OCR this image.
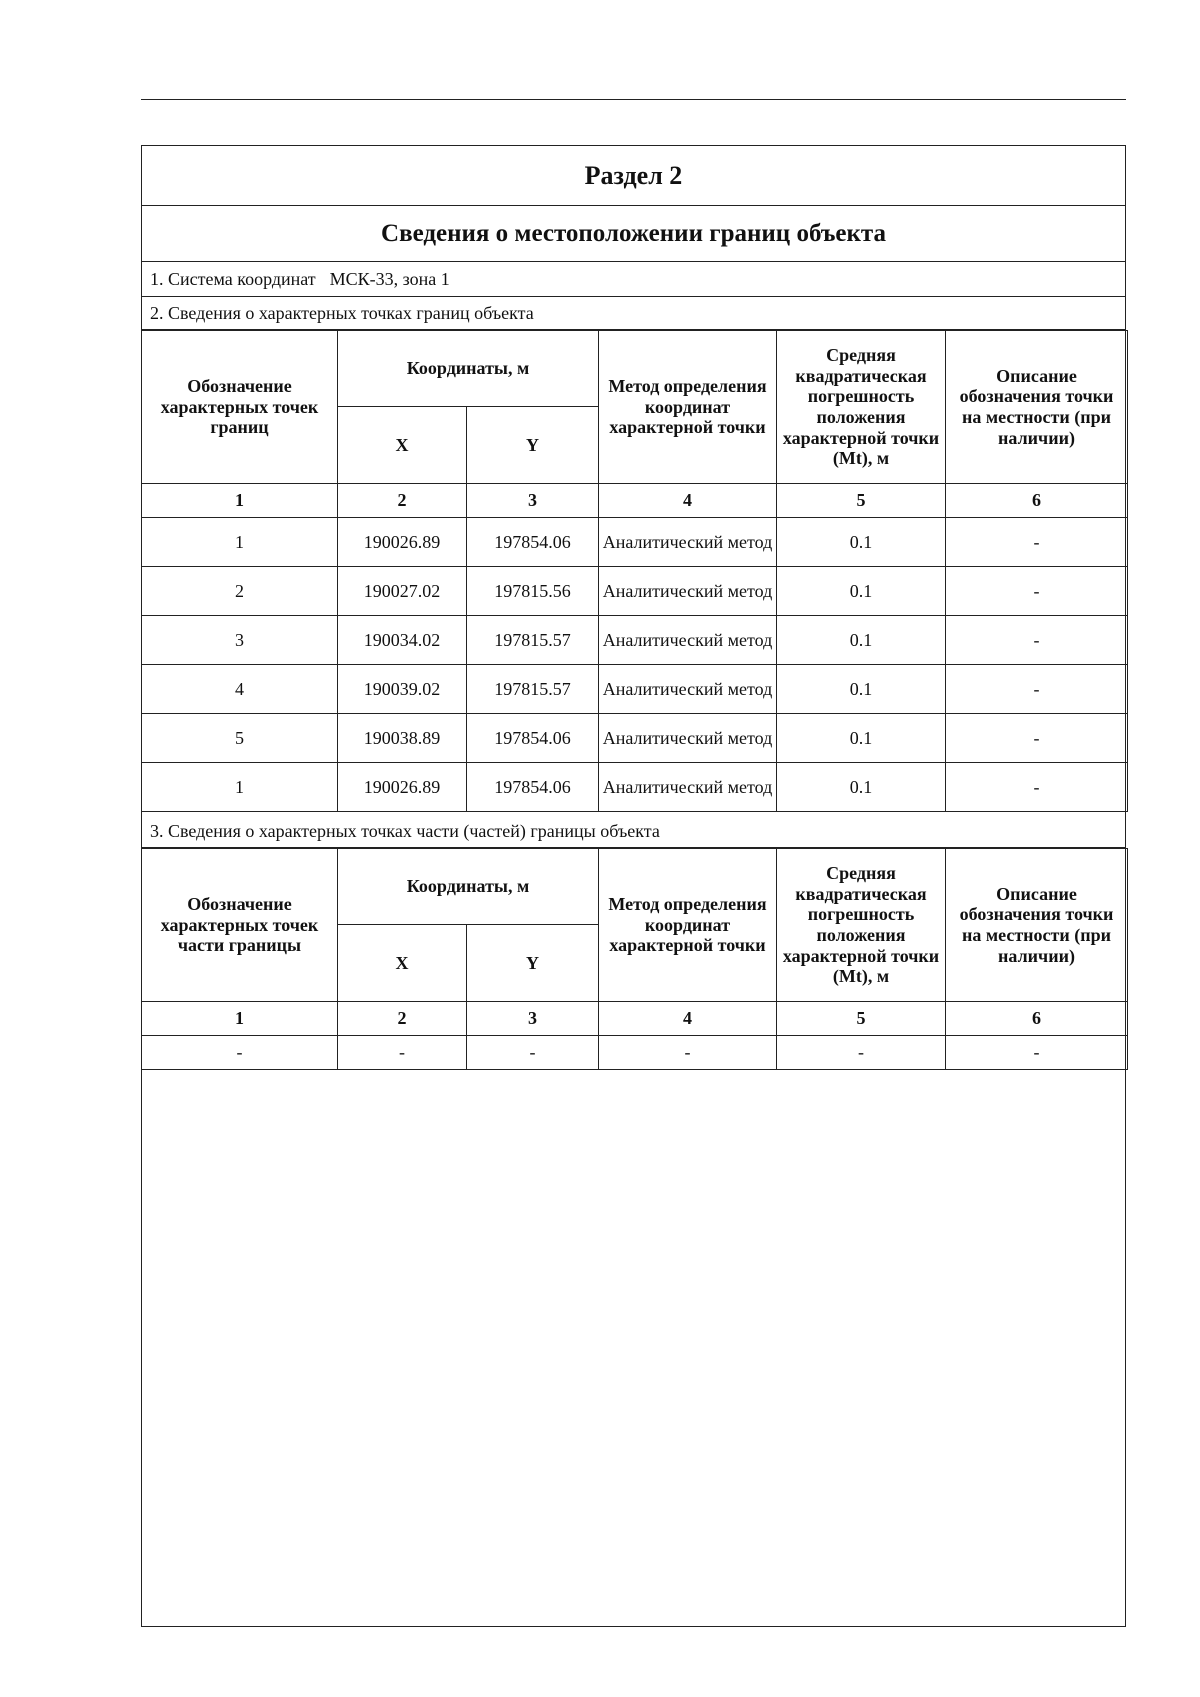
Раздел 2
Сведения о местоположении границ объекта
1. Система координат МСК-33, зона 1
2. Сведения о характерных точках границ объекта
Обозначение характерных точек границ	Координаты, м		Метод определения координат характерной точки	Средняя квадратическая погрешность положения характерной точки (Mt), м	Описание обозначения точки на местности (при наличии)
	X	Y			
1	2	3	4	5	6
1	190026.89	197854.06	Аналитический метод	0.1	-
2	190027.02	197815.56	Аналитический метод	0.1	-
3	190034.02	197815.57	Аналитический метод	0.1	-
4	190039.02	197815.57	Аналитический метод	0.1	-
5	190038.89	197854.06	Аналитический метод	0.1	-
1	190026.89	197854.06	Аналитический метод	0.1	-
3. Сведения о характерных точках части (частей) границы объекта
Обозначение характерных точек части границы	Координаты, м		Метод определения координат характерной точки	Средняя квадратическая погрешность положения характерной точки (Mt), м	Описание обозначения точки на местности (при наличии)
	X	Y			
1	2	3	4	5	6
-	-	-	-	-	-
